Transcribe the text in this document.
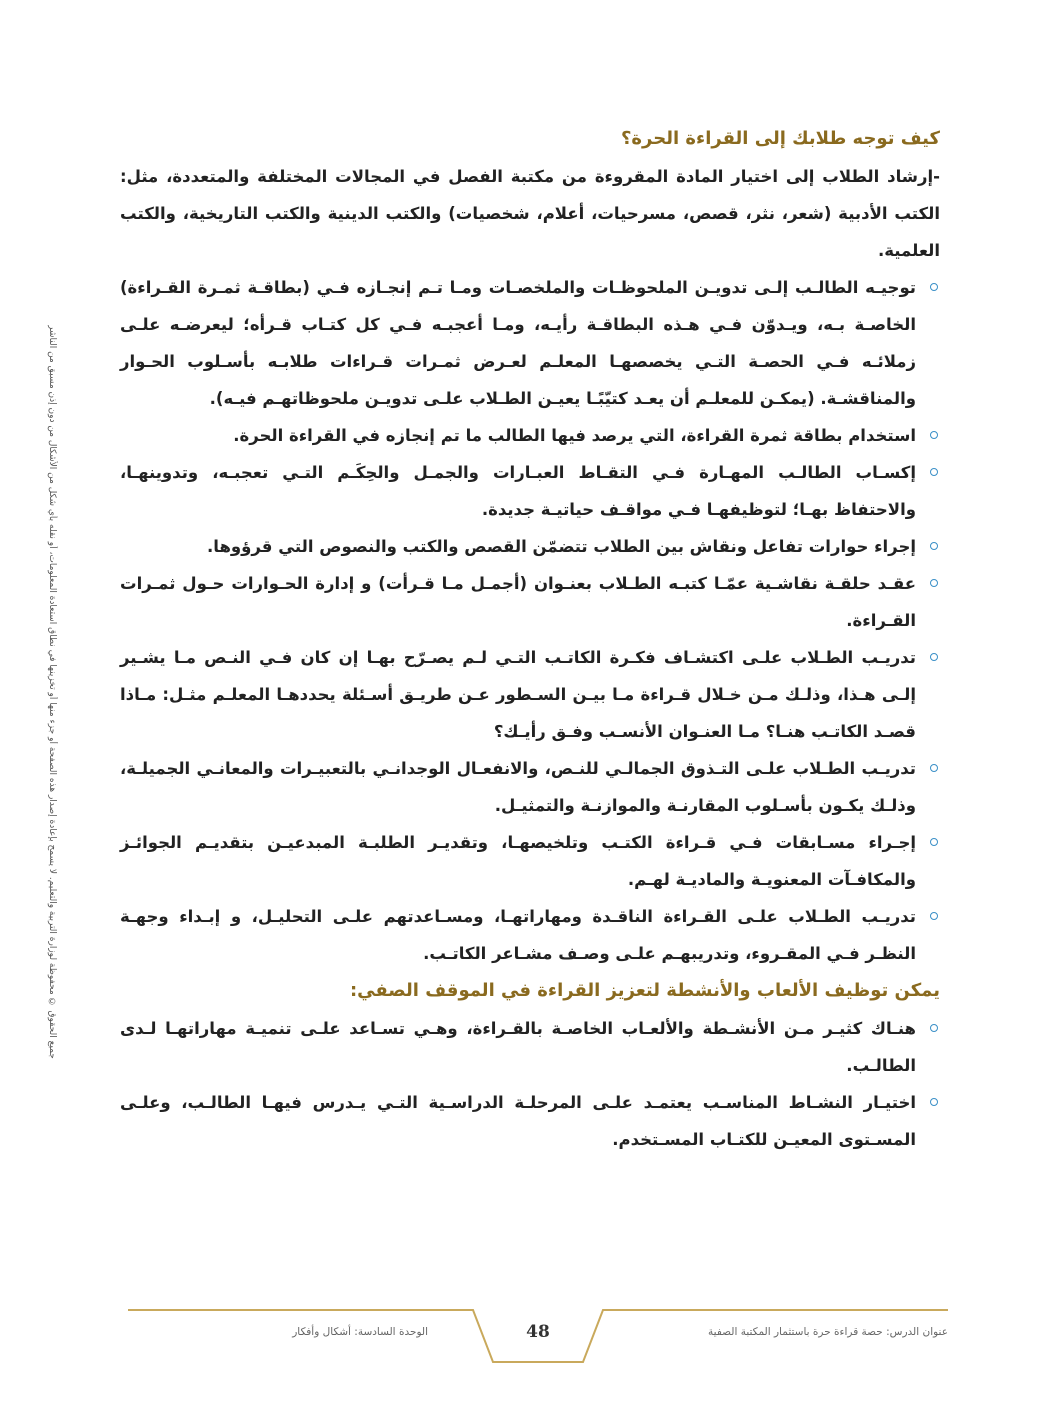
جميع الحقوق © محفوظة لوزارة التربية والتعليم. لا يسمح بإعادة إصدار هذه الصفحة أو جزء منها أو تخزينها في نطاق استعادة المعلومات، أو نقله بأي شكل من الأشكال من دون إذن مسبق من الناشر
كيف توجه طلابك إلى القراءة الحرة؟

-إرشاد الطلاب إلى اختيار المادة المقروءة من مكتبة الفصل في المجالات المختلفة والمتعددة، مثل: الكتب الأدبية (شعر، نثر، قصص، مسرحيات، أعلام، شخصيات) والكتب الدينية والكتب التاريخية، والكتب العلمية.

توجيـه الطالـب إلـى تدويـن الملحوظـات والملخصـات ومـا تـم إنجـازه فـي (بطاقـة ثمـرة القـراءة) الخاصـة بـه، ويـدوّن فـي هـذه البطاقـة رأيـه، ومـا أعجبـه فـي كل كتـاب قـرأه؛ ليعرضـه علـى زملائـه فـي الحصـة التـي يخصصهـا المعلـم لعـرض ثمـرات قـراءات طلابـه بأسـلوب الحـوار والمناقشـة. (يمكـن للمعلـم أن يعـد كتيّبًـا يعيـن الطـلاب علـى تدويـن ملحوظاتهـم فيـه).
استخدام بطاقة ثمرة القراءة، التي يرصد فيها الطالب ما تم إنجازه في القراءة الحرة.
إكسـاب الطالـب المهـارة فـي التقـاط العبـارات والجمـل والحِكَـم التـي تعجبـه، وتدوينهـا، والاحتفاظ بهـا؛ لتوظيفهـا فـي مواقـف حياتيـة جديدة.
إجراء حوارات تفاعل ونقاش بين الطلاب تتضمّن القصص والكتب والنصوص التي قرؤوها.
عقـد حلقـة نقاشـية عمّـا كتبـه الطـلاب بعنـوان (أجمـل مـا قـرأت) و إدارة الحـوارات حـول ثمـرات القـراءة.
تدريـب الطـلاب علـى اكتشـاف فكـرة الكاتـب التـي لـم يصـرّح بهـا إن كان فـي النـص مـا يشـير إلـى هـذا، وذلـك مـن خـلال قـراءة مـا بيـن السـطور عـن طريـق أسـئلة يحددهـا المعلـم مثـل: مـاذا قصـد الكاتـب هنـا؟ مـا العنـوان الأنسـب وفـق رأيـك؟
تدريـب الطـلاب علـى التـذوق الجمالـي للنـص، والانفعـال الوجدانـي بالتعبيـرات والمعانـي الجميلـة، وذلـك يكـون بأسـلوب المقارنـة والموازنـة والتمثيـل.
إجـراء مسـابقات فـي قـراءة الكتـب وتلخيصهـا، وتقديـر الطلبـة المبدعيـن بتقديـم الجوائـز والمكافـآت المعنويـة والماديـة لهـم.
تدريـب الطـلاب علـى القـراءة الناقـدة ومهاراتهـا، ومسـاعدتهم علـى التحليـل، و إبـداء وجهـة النظـر فـي المقـروء، وتدريبهـم علـى وصـف مشـاعر الكاتـب.
يمكن توظيف الألعاب والأنشطة لتعزيز القراءة في الموقف الصفي:
هنـاك كثيـر مـن الأنشـطة والألعـاب الخاصـة بالقـراءة، وهـي تسـاعد علـى تنميـة مهاراتهـا لـدى الطالـب.
اختيـار النشـاط المناسـب يعتمـد علـى المرحلـة الدراسـية التـي يـدرس فيهـا الطالـب، وعلـى المسـتوى المعيـن للكتـاب المسـتخدم.
الوحدة السادسة: أشكال وأفكار	48	عنوان الدرس: حصة قراءة حرة باستثمار المكتبة الصفية
